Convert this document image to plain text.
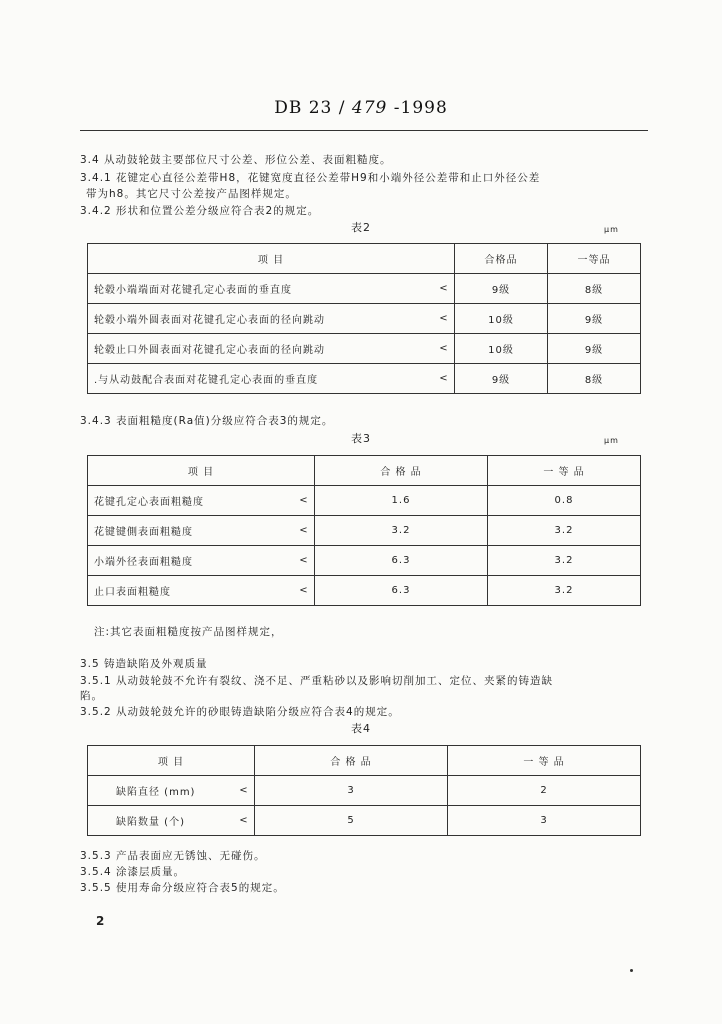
DB 23 / 479 -1998
3.4 从动鼓轮鼓主要部位尺寸公差、形位公差、表面粗糙度。
3.4.1 花键定心直径公差带H8，花键宽度直径公差带H9和小端外径公差带和止口外径公差
带为h8。其它尺寸公差按产品图样规定。
3.4.2 形状和位置公差分级应符合表2的规定。
表2	μm
项 目		合格品	一等品
轮毂小端端面对花键孔定心表面的垂直度	<	9级	8级
轮毂小端外圆表面对花键孔定心表面的径向跳动	<	10级	9级
轮毂止口外圆表面对花键孔定心表面的径向跳动	<	10级	9级
.与从动鼓配合表面对花键孔定心表面的垂直度	<	9级	8级
3.4.3 表面粗糙度(Ra值)分级应符合表3的规定。
表3	μm
项 目		合 格 品	一 等 品
花键孔定心表面粗糙度	<	1.6	0.8
花键键側表面粗糙度	<	3.2	3.2
小端外径表面粗糙度	<	6.3	3.2
止口表面粗糙度	<	6.3	3.2
注:其它表面粗糙度按产品图样规定，
3.5 铸造缺陷及外观质量
3.5.1 从动鼓轮鼓不允许有裂纹、浇不足、严重粘砂以及影响切削加工、定位、夹紧的铸造缺
陷。
3.5.2 从动鼓轮鼓允许的砂眼铸造缺陷分级应符合表4的规定。
表4
项 目		合 格 品	一 等 品
缺陷直径 (mm)	<	3	2
缺陷数量 (个)	<	5	3
3.5.3 产品表面应无锈蚀、无碰伤。
3.5.4 涂漆层质量。
3.5.5 使用寿命分级应符合表5的规定。
2
